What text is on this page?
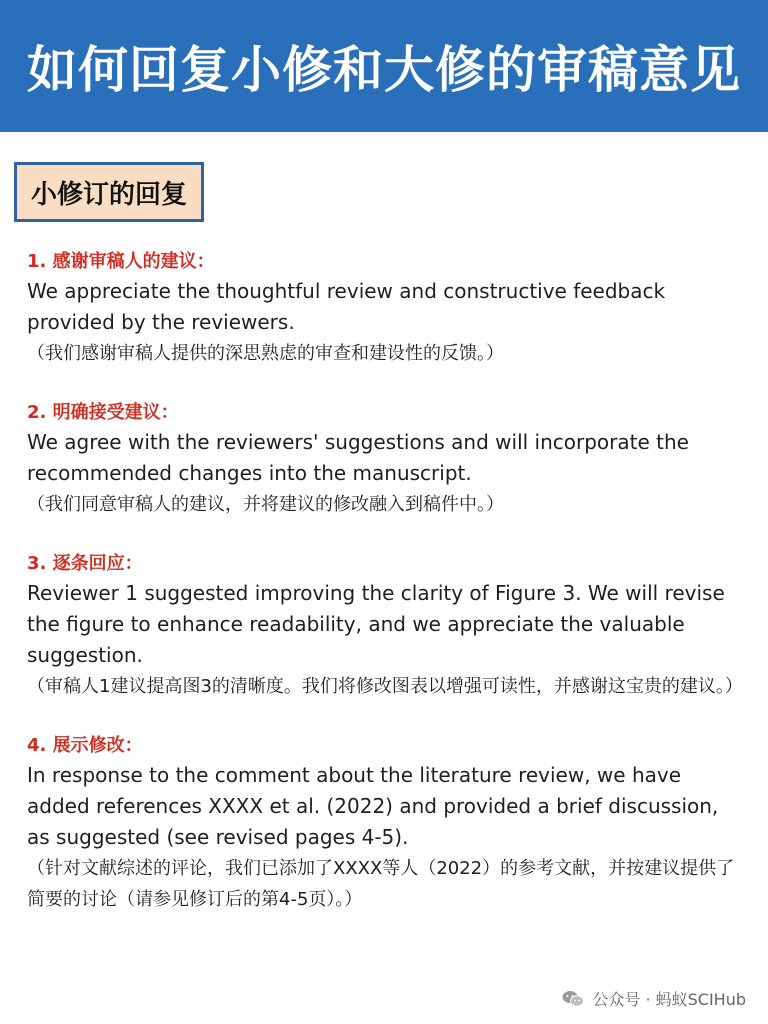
如何回复小修和大修的审稿意见
小修订的回复

1. 感谢审稿人的建议：

We appreciate the thoughtful review and constructive feedback provided by the reviewers.

（我们感谢审稿人提供的深思熟虑的审查和建设性的反馈。）

2. 明确接受建议：

We agree with the reviewers' suggestions and will incorporate the recommended changes into the manuscript.

（我们同意审稿人的建议，并将建议的修改融入到稿件中。）

3. 逐条回应：

Reviewer 1 suggested improving the clarity of Figure 3. We will revise the figure to enhance readability, and we appreciate the valuable suggestion.

（审稿人1建议提高图3的清晰度。我们将修改图表以增强可读性，并感谢这宝贵的建议。）

4. 展示修改：

In response to the comment about the literature review, we have added references XXXX et al. (2022) and provided a brief discussion, as suggested (see revised pages 4-5).

（针对文献综述的评论，我们已添加了XXXX等人（2022）的参考文献，并按建议提供了简要的讨论（请参见修订后的第4-5页）。）

公众号 · 蚂蚁SCIHub
